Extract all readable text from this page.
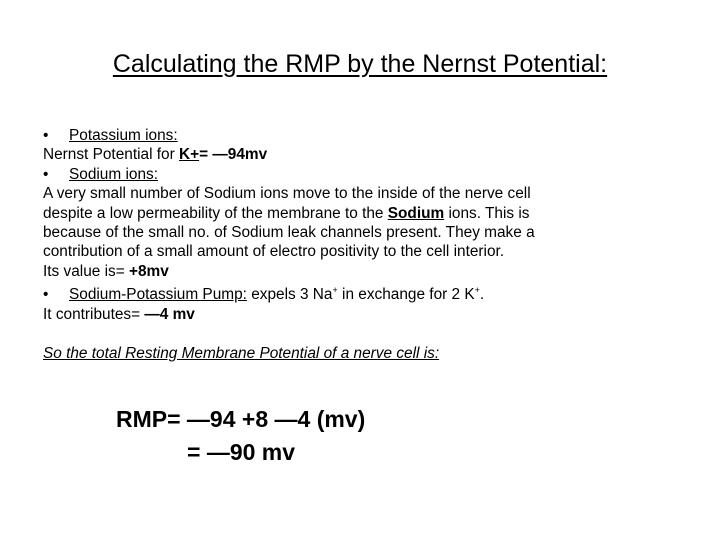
Calculating the RMP by the Nernst Potential:
• Potassium ions:
Nernst Potential for K+= —94mv
• Sodium ions:
A very small number of Sodium ions move to the inside of the nerve cell
despite a low permeability of the membrane to the Sodium ions. This is
because of the small no. of Sodium leak channels present. They make a
contribution of a small amount of electro positivity to the cell interior.
Its value is= +8mv
• Sodium-Potassium Pump: expels 3 Na+ in exchange for 2 K+.
It contributes= —4 mv
So the total Resting Membrane Potential of a nerve cell is:
RMP= —94 +8 —4 (mv)
= —90 mv
